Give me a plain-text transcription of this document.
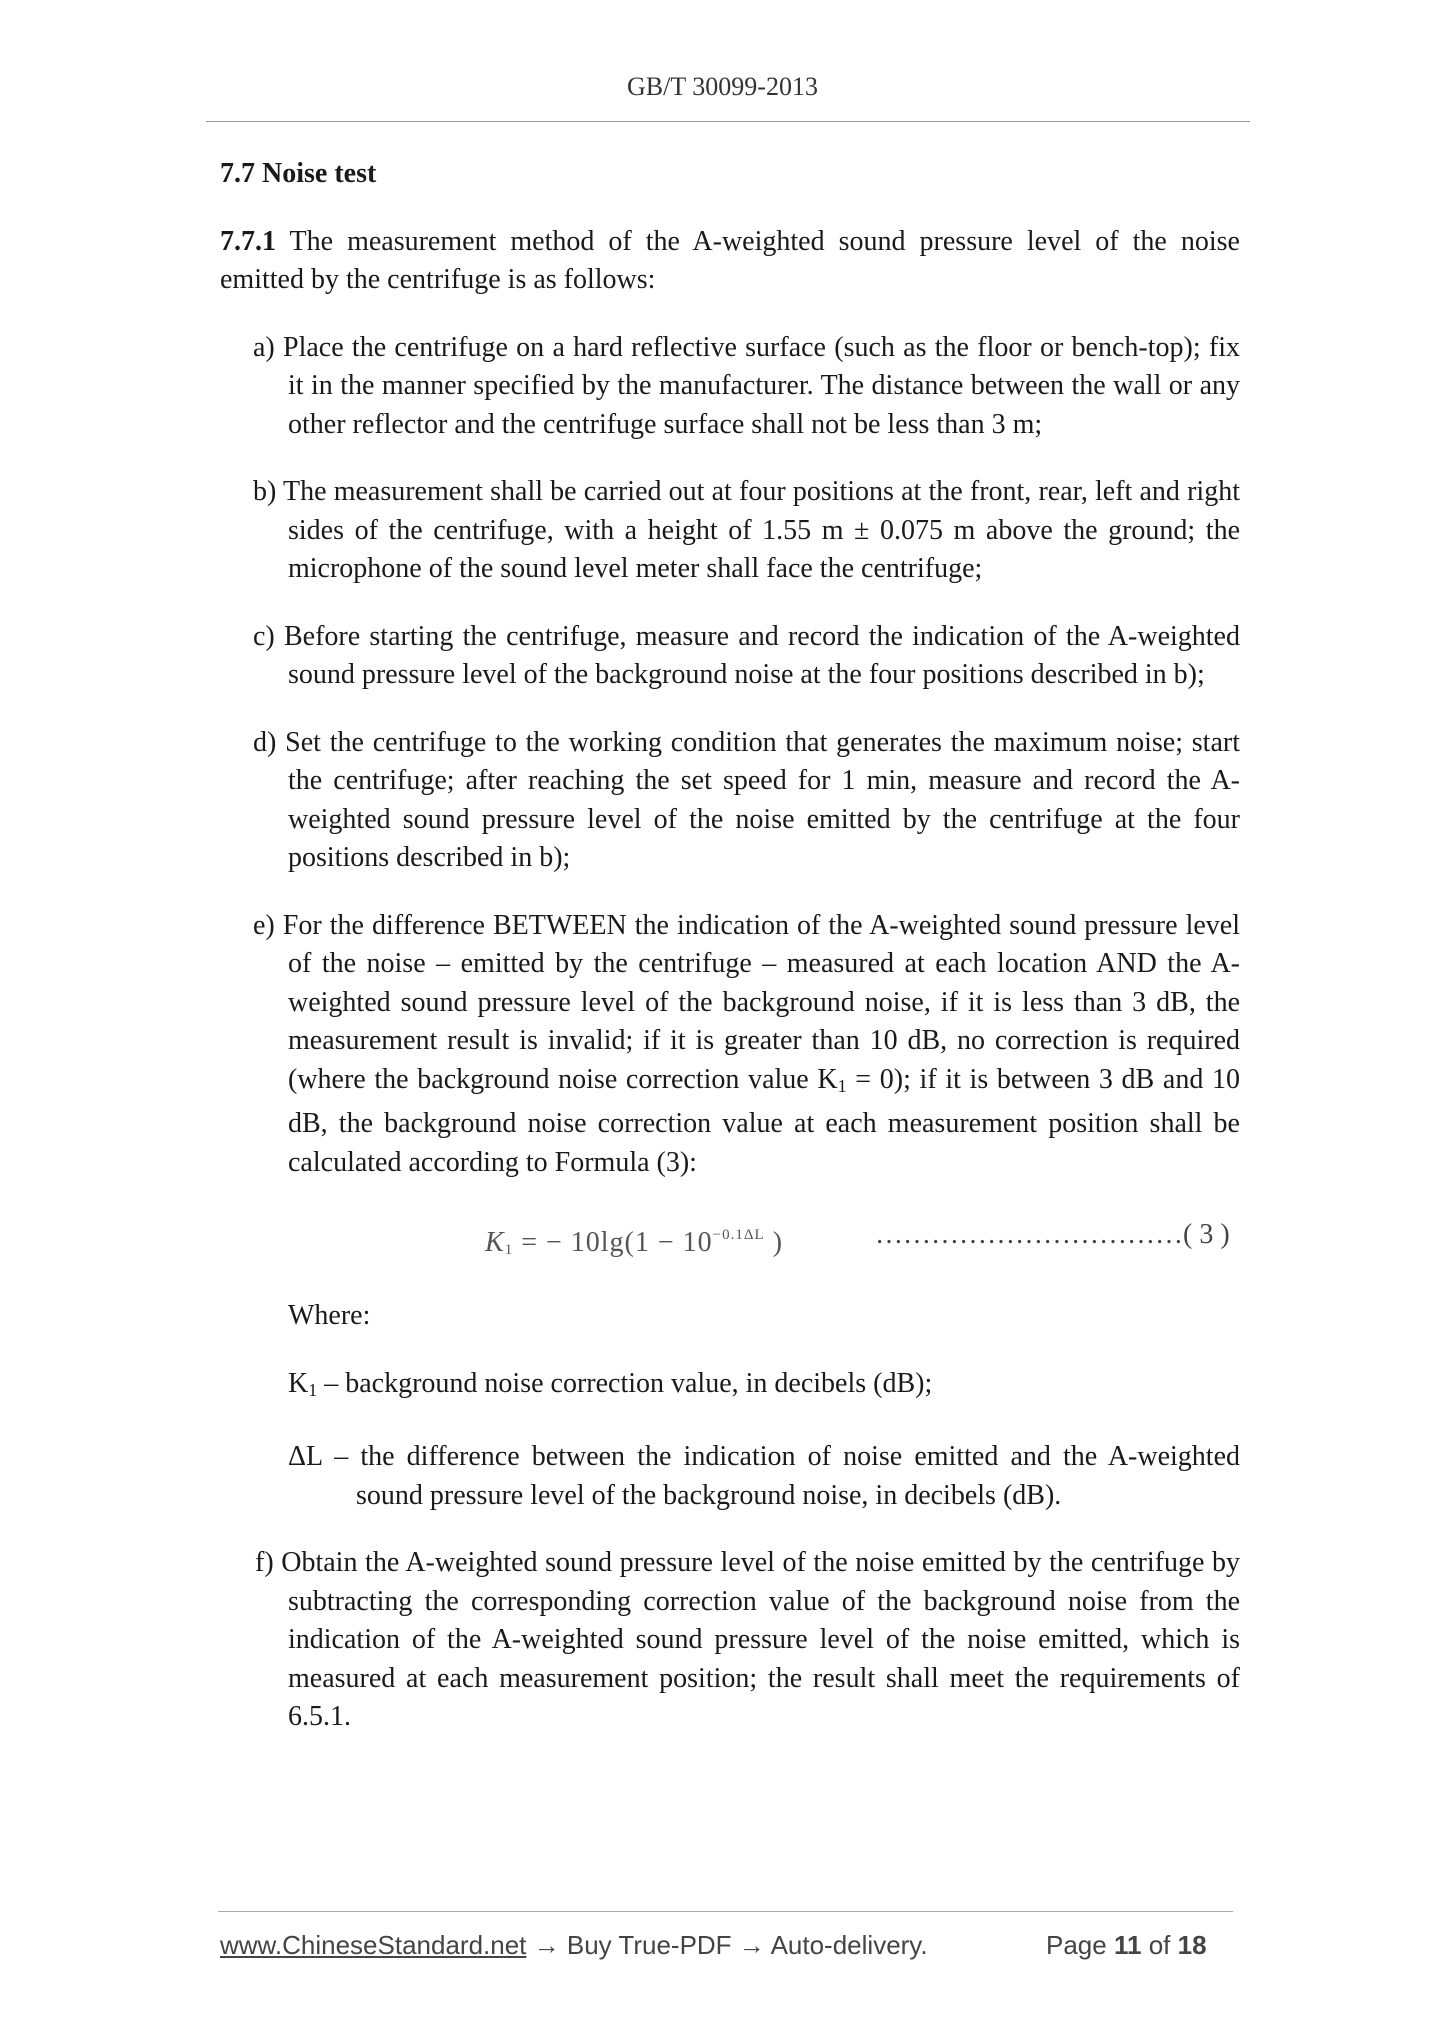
GB/T 30099-2013

7.7 Noise test

7.7.1 The measurement method of the A-weighted sound pressure level of the noise emitted by the centrifuge is as follows:

a) Place the centrifuge on a hard reflective surface (such as the floor or bench-top); fix it in the manner specified by the manufacturer. The distance between the wall or any other reflector and the centrifuge surface shall not be less than 3 m;

b) The measurement shall be carried out at four positions at the front, rear, left and right sides of the centrifuge, with a height of 1.55 m ± 0.075 m above the ground; the microphone of the sound level meter shall face the centrifuge;

c) Before starting the centrifuge, measure and record the indication of the A-weighted sound pressure level of the background noise at the four positions described in b);

d) Set the centrifuge to the working condition that generates the maximum noise; start the centrifuge; after reaching the set speed for 1 min, measure and record the A-weighted sound pressure level of the noise emitted by the centrifuge at the four positions described in b);

e) For the difference BETWEEN the indication of the A-weighted sound pressure level of the noise – emitted by the centrifuge – measured at each location AND the A-weighted sound pressure level of the background noise, if it is less than 3 dB, the measurement result is invalid; if it is greater than 10 dB, no correction is required (where the background noise correction value K1 = 0); if it is between 3 dB and 10 dB, the background noise correction value at each measurement position shall be calculated according to Formula (3):

$K_1$ = − $10\lg(1 - 10^{-0.1\Delta L}$ )	……………………………( 3 )

Where:

$K_1$ – background noise correction value, in decibels (dB);

ΔL – the difference between the indication of noise emitted and the A-weighted sound pressure level of the background noise, in decibels (dB).

f) Obtain the A-weighted sound pressure level of the noise emitted by the centrifuge by subtracting the corresponding correction value of the background noise from the indication of the A-weighted sound pressure level of the noise emitted, which is measured at each measurement position; the result shall meet the requirements of 6.5.1.

www.ChineseStandard.net → Buy True-PDF → Auto-delivery.	Page 11 of 18
